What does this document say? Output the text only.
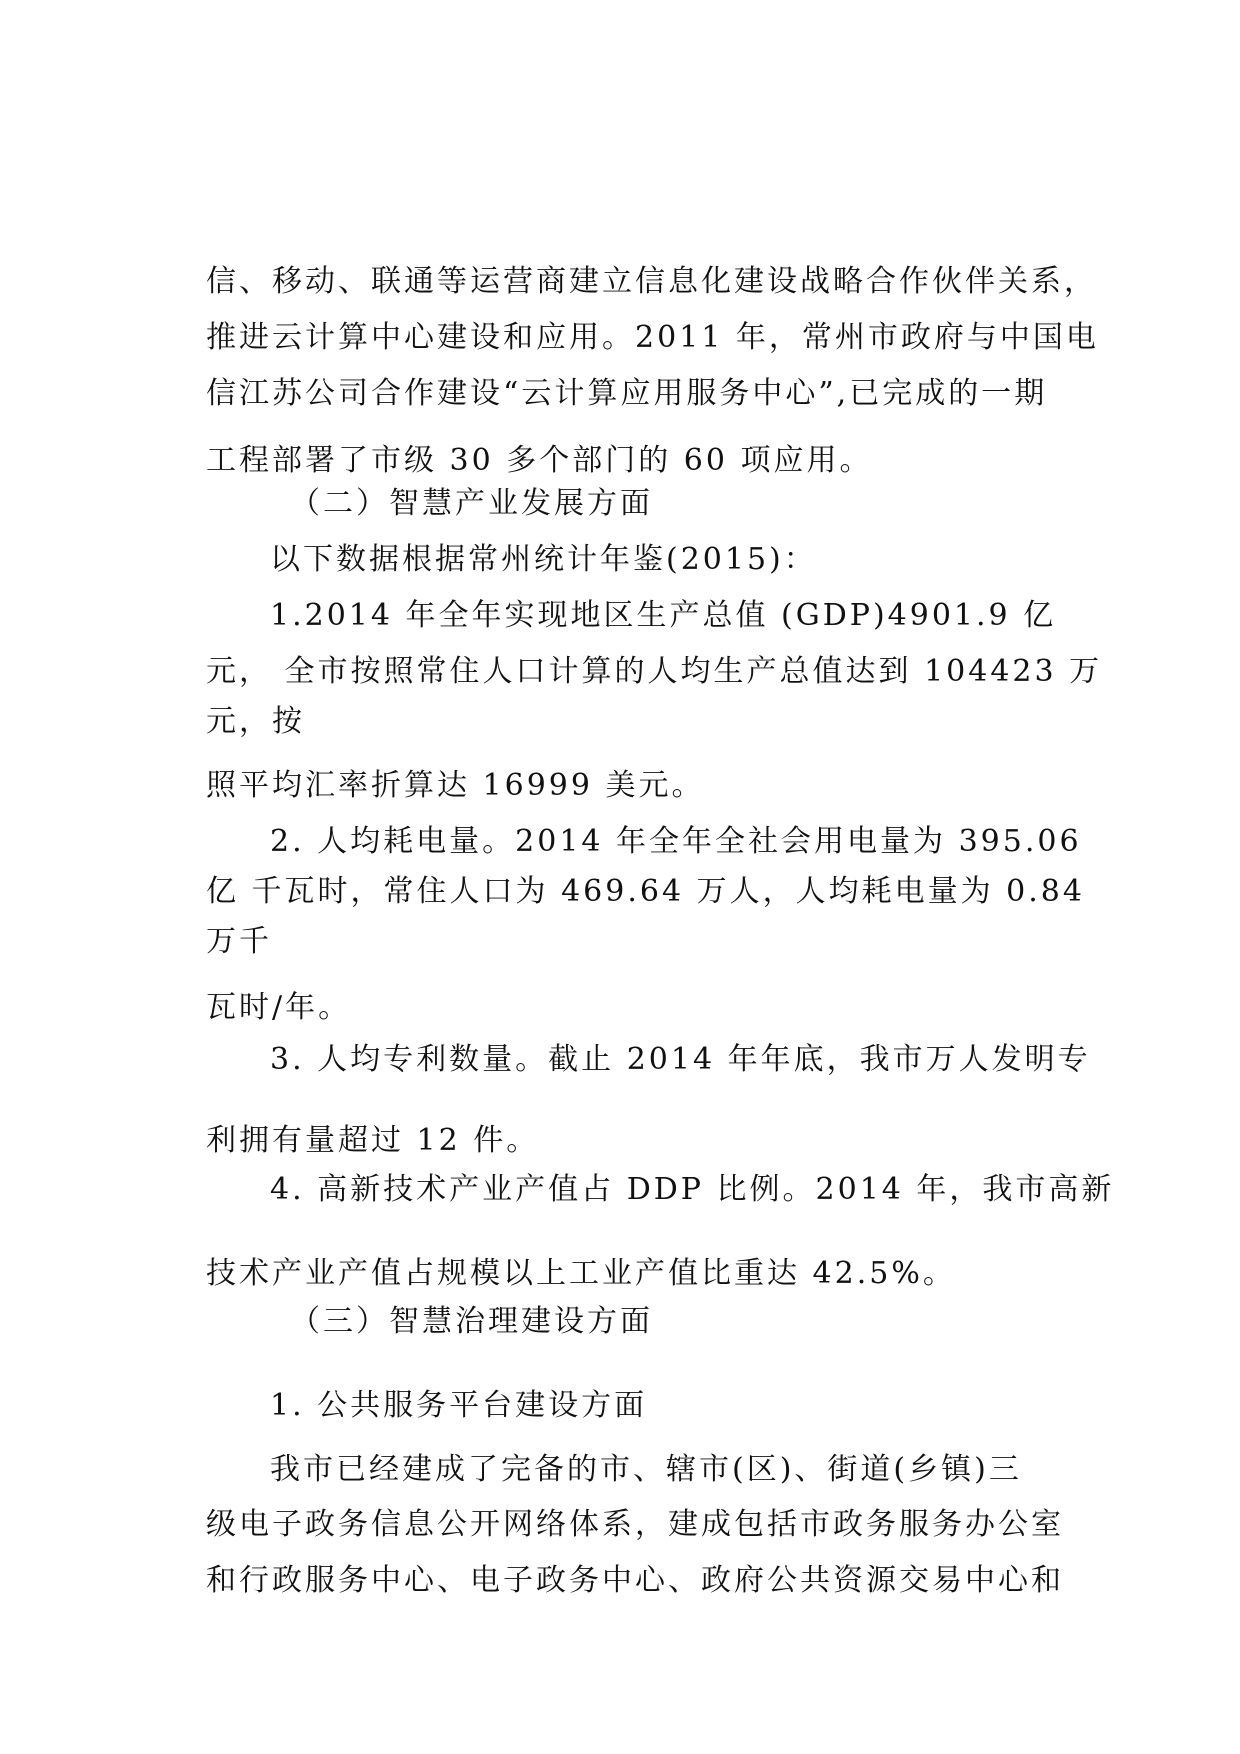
信、移动、联通等运营商建立信息化建设战略合作伙伴关系，
推进云计算中心建设和应用。2011 年，常州市政府与中国电
信江苏公司合作建设“云计算应用服务中心”,已完成的一期
工程部署了市级 30 多个部门的 60 项应用。
（二）智慧产业发展方面
以下数据根据常州统计年鉴(2015)：
1.2014 年全年实现地区生产总值 (GDP)4901.9 亿
元， 全市按照常住人口计算的人均生产总值达到 104423 万
元，按
照平均汇率折算达 16999 美元。
2. 人均耗电量。2014 年全年全社会用电量为 395.06
亿 千瓦时，常住人口为 469.64 万人，人均耗电量为 0.84
万千
瓦时/年。
3. 人均专利数量。截止 2014 年年底，我市万人发明专
利拥有量超过 12 件。
4. 高新技术产业产值占 DDP 比例。2014 年，我市高新
技术产业产值占规模以上工业产值比重达 42.5%。
（三）智慧治理建设方面
1. 公共服务平台建设方面
我市已经建成了完备的市、辖市(区)、街道(乡镇)三
级电子政务信息公开网络体系，建成包括市政务服务办公室
和行政服务中心、电子政务中心、政府公共资源交易中心和
